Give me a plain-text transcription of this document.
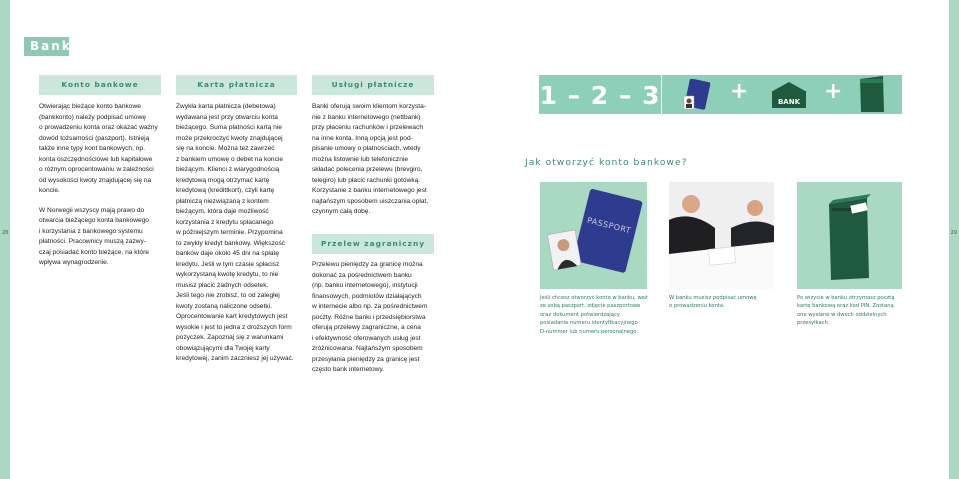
28	29
Bank
Konto bankowe

Otwierając bieżące konto bankowe
(bankkonto) należy podpisać umowę
o prowadzeniu konta oraz okazać ważny
dowód tożsamości (paszport). Istnieją
także inne typy kont bankowych, np.
konta oszczędnościowe lub kapitałowe
o różnym oprocentowaniu w zależności
od wysokości kwoty znajdującej się na
koncie.

W Norwegii wszyscy mają prawo do
otwarcia bieżącego konta bankowego
i korzystania z bankowego systemu
płatności. Pracownicy muszą zazwy-
czaj posiadać konto bieżące, na które
wpływa wynagrodzenie.

Karta płatnicza

Zwykła karta płatnicza (debetowa)
wydawana jest przy otwarciu konta
bieżącego. Suma płatności kartą nie
może przekroczyć kwoty znajdującej
się na koncie. Można też zawrzeć
z bankiem umowę o debet na koncie
bieżącym. Klienci z wiarygodnością
kredytową mogą otrzymać kartę
kredytową (kredittkort), czyli kartę
płatniczą niezwiązaną z kontem
bieżącym, która daje możliwość
korzystania z kredytu spłacanego
w późniejszym terminie. Przypomina
to zwykły kredyt bankowy. Większość
banków daje około 45 dni na spłatę
kredytu. Jeśli w tym czasie spłacisz
wykorzystaną kwotę kredytu, to nie
musisz płacić żadnych odsetek.
Jeśli tego nie zrobisz, to od zaległej
kwoty zostaną naliczone odsetki.
Oprocentowanie kart kredytowych jest
wysokie i jest to jedna z droższych form
pożyczek. Zapoznaj się z warunkami
obowiązującymi dla Twojej karty
kredytowej, zanim zaczniesz jej używać.

Usługi płatnicze

Banki oferują swoim klientom korzysta-
nie z banku internetowego (nettbank)
przy płaceniu rachunków i przelewach
na inne konta. Inną opcją jest pod-
pisanie umowy o płatnościach, wtedy
można listownie lub telefonicznie
składać polecenia przelewu (brevgiro,
telegiro) lub płacić rachunki gotówką.
Korzystanie z banku internetowego jest
najtańszym sposobem uiszczania opłat,
czynnym całą dobę.

Przelew zagraniczny

Przelewu pieniędzy za granicę można
dokonać za pośrednictwem banku
(np. banku internetowego), instytucji
finansowych, podmiotów działających
w internecie albo np. za pośrednictwem
poczty. Różne banki i przedsiębiorstwa
oferują przelewy zagraniczne, a cena
i efektywność oferowanych usług jest
zróżnicowana. Najtańszym sposobem
przesyłania pieniędzy za granicę jest
często bank internetowy.

1 – 2 – 3	+	BANK +
Jak otworzyć konto bankowe?
PASSPORT
Jeśli chcesz otworzyć konto w banku, weź
ze sobą paszport, zdjęcie paszportowe
oraz dokument potwierdzający
posiadanie numeru identyfikacyjnego
D-nummer lub numeru personalnego.
W banku musisz podpisać umowę
o prowadzeniu konta.
Po wizycie w banku otrzymasz pocztą
kartę bankową oraz kod PIN. Zostaną
one wysłane w dwóch oddzielnych
przesyłkach.
